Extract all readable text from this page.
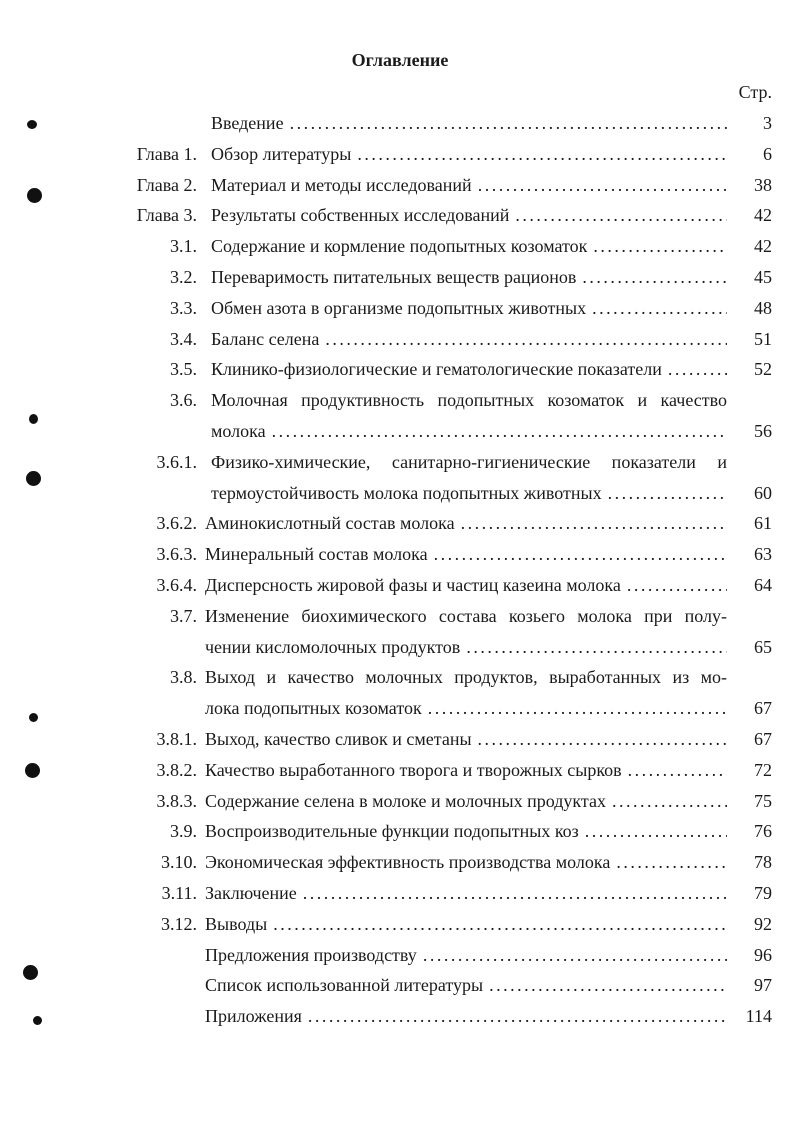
Оглавление
Стр.
Введение . . .	3
Глава 1. Обзор литературы . . .	6
Глава 2. Материал и методы исследований . . .	38
Глава 3. Результаты собственных исследований . . .	42
3.1. Содержание и кормление подопытных козоматок . . .	42
3.2. Переваримость питательных веществ рационов . . .	45
3.3. Обмен азота в организме подопытных животных . . .	48
3.4. Баланс селена . . .	51
3.5. Клинико-физиологические и гематологические показатели . . .	52
3.6. Молочная продуктивность подопытных козоматок и качество
молока . . .	56
3.6.1. Физико-химические, санитарно-гигиенические показатели и
термоустойчивость молока подопытных животных . . .	60
3.6.2. Аминокислотный состав молока . . .	61
3.6.3. Минеральный состав молока . . .	63
3.6.4. Дисперсность жировой фазы и частиц казеина молока . . .	64
3.7. Изменение биохимического состава козьего молока при полу-
чении кисломолочных продуктов . . .	65
3.8. Выход и качество молочных продуктов, выработанных из мо-
лока подопытных козоматок . . .	67
3.8.1. Выход, качество сливок и сметаны . . .	67
3.8.2. Качество выработанного творога и творожных сырков . . .	72
3.8.3. Содержание селена в молоке и молочных продуктах . . .	75
3.9. Воспроизводительные функции подопытных коз . . .	76
3.10. Экономическая эффективность производства молока . . .	78
3.11. Заключение . . .	79
3.12. Выводы . . .	92
Предложения производству . . .	96
Список использованной литературы . . .	97
Приложения . . .	114
